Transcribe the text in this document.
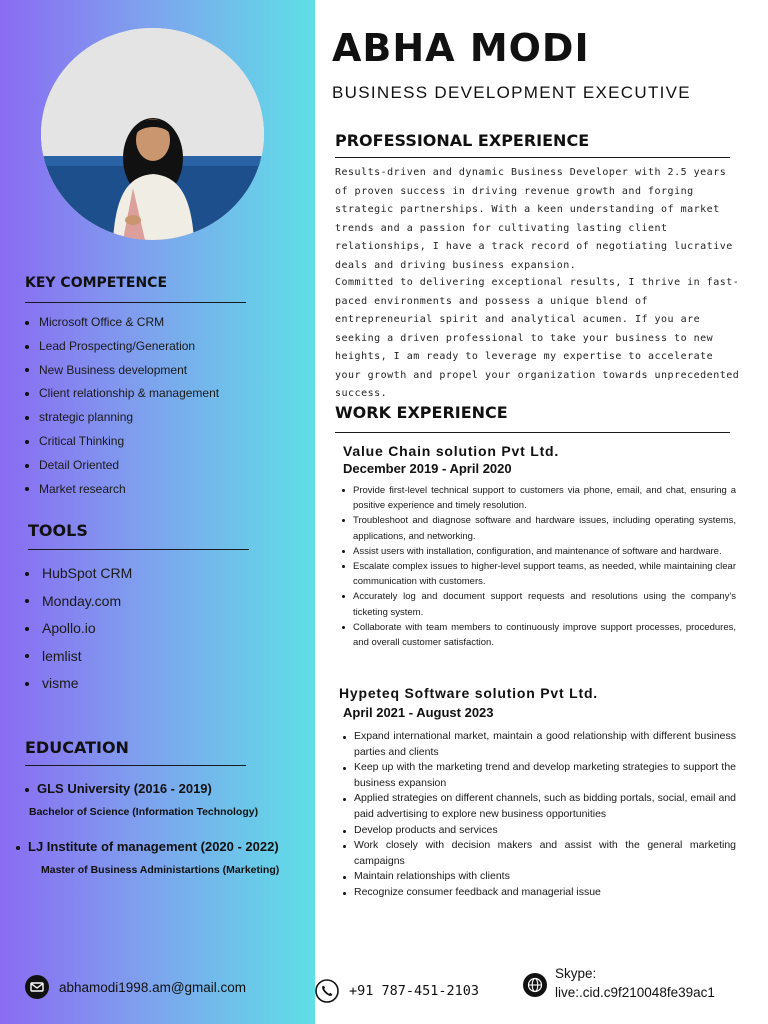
KEY COMPETENCE
Microsoft Office & CRM
Lead Prospecting/Generation
New Business development
Client relationship & management
strategic planning
Critical Thinking
Detail Oriented
Market research
TOOLS
HubSpot CRM
Monday.com
Apollo.io
lemlist
visme
EDUCATION
GLS University (2016 - 2019)
Bachelor of Science (Information Technology)
LJ Institute of management (2020 - 2022)
Master of Business Administartions (Marketing)
abhamodi1998.am@gmail.com
ABHA MODI
BUSINESS DEVELOPMENT EXECUTIVE
PROFESSIONAL EXPERIENCE

Results-driven and dynamic Business Developer with 2.5 years of proven success in driving revenue growth and forging strategic partnerships. With a keen understanding of market trends and a passion for cultivating lasting client relationships, I have a track record of negotiating lucrative deals and driving business expansion.

Committed to delivering exceptional results, I thrive in fast-paced environments and possess a unique blend of entrepreneurial spirit and analytical acumen. If you are seeking a driven professional to take your business to new heights, I am ready to leverage my expertise to accelerate your growth and propel your organization towards unprecedented success.

WORK EXPERIENCE
Value Chain solution Pvt Ltd.
December 2019 - April 2020
Provide first-level technical support to customers via phone, email, and chat, ensuring a positive experience and timely resolution.
Troubleshoot and diagnose software and hardware issues, including operating systems, applications, and networking.
Assist users with installation, configuration, and maintenance of software and hardware.
Escalate complex issues to higher-level support teams, as needed, while maintaining clear communication with customers.
Accurately log and document support requests and resolutions using the company's ticketing system.
Collaborate with team members to continuously improve support processes, procedures, and overall customer satisfaction.
Hypeteq Software solution Pvt Ltd.
April 2021 - August 2023
Expand international market, maintain a good relationship with different business parties and clients
Keep up with the marketing trend and develop marketing strategies to support the business expansion
Applied strategies on different channels, such as bidding portals, social, email and paid advertising to explore new business opportunities
Develop products and services
Work closely with decision makers and assist with the general marketing campaigns
Maintain relationships with clients
Recognize consumer feedback and managerial issue
+91 787-451-2103
Skype:
live:.cid.c9f210048fe39ac1
